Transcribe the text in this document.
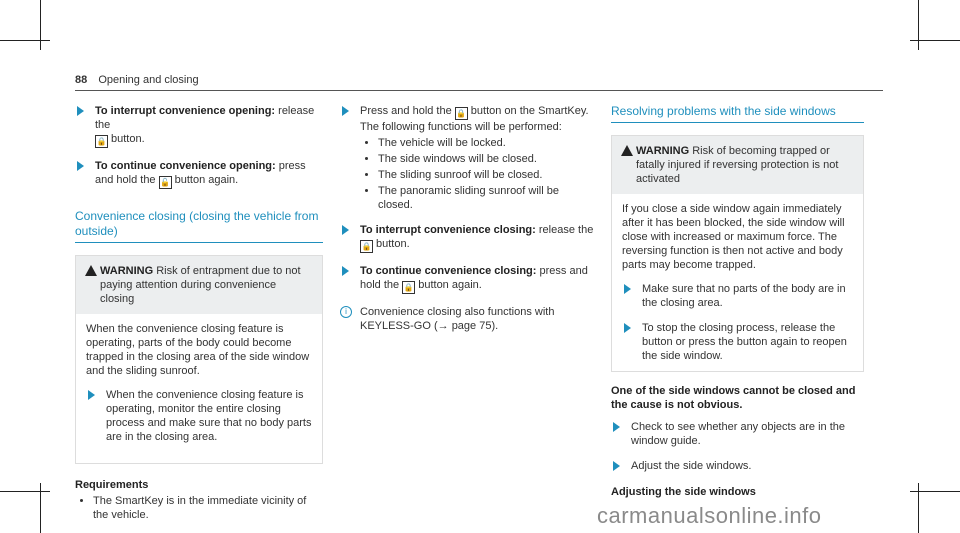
88 Opening and closing
To interrupt convenience opening: release the
🔒 button.
To continue convenience opening: press and hold the 🔓 button again.
Convenience closing (closing the vehicle from outside)
WARNING Risk of entrapment due to not paying attention during convenience closing
When the convenience closing feature is operating, parts of the body could become trapped in the closing area of the side window and the sliding sunroof.
When the convenience closing feature is operating, monitor the entire closing process and make sure that no body parts are in the closing area.
Requirements
• The SmartKey is in the immediate vicinity of the vehicle.
Press and hold the 🔒 button on the SmartKey.
The following functions will be performed:
• The vehicle will be locked.
• The side windows will be closed.
• The sliding sunroof will be closed.
• The panoramic sliding sunroof will be closed.
To interrupt convenience closing: release the
🔒 button.
To continue convenience closing: press and hold the 🔒 button again.
i	Convenience closing also functions with KEYLESS-GO (→ page 75).
Resolving problems with the side windows
WARNING Risk of becoming trapped or fatally injured if reversing protection is not activated
If you close a side window again immediately after it has been blocked, the side window will close with increased or maximum force. The reversing function is then not active and body parts may become trapped.
Make sure that no parts of the body are in the closing area.
To stop the closing process, release the button or press the button again to reopen the side window.
One of the side windows cannot be closed and the cause is not obvious.
Check to see whether any objects are in the window guide.
Adjust the side windows.
Adjusting the side windows
carmanualsonline.info
